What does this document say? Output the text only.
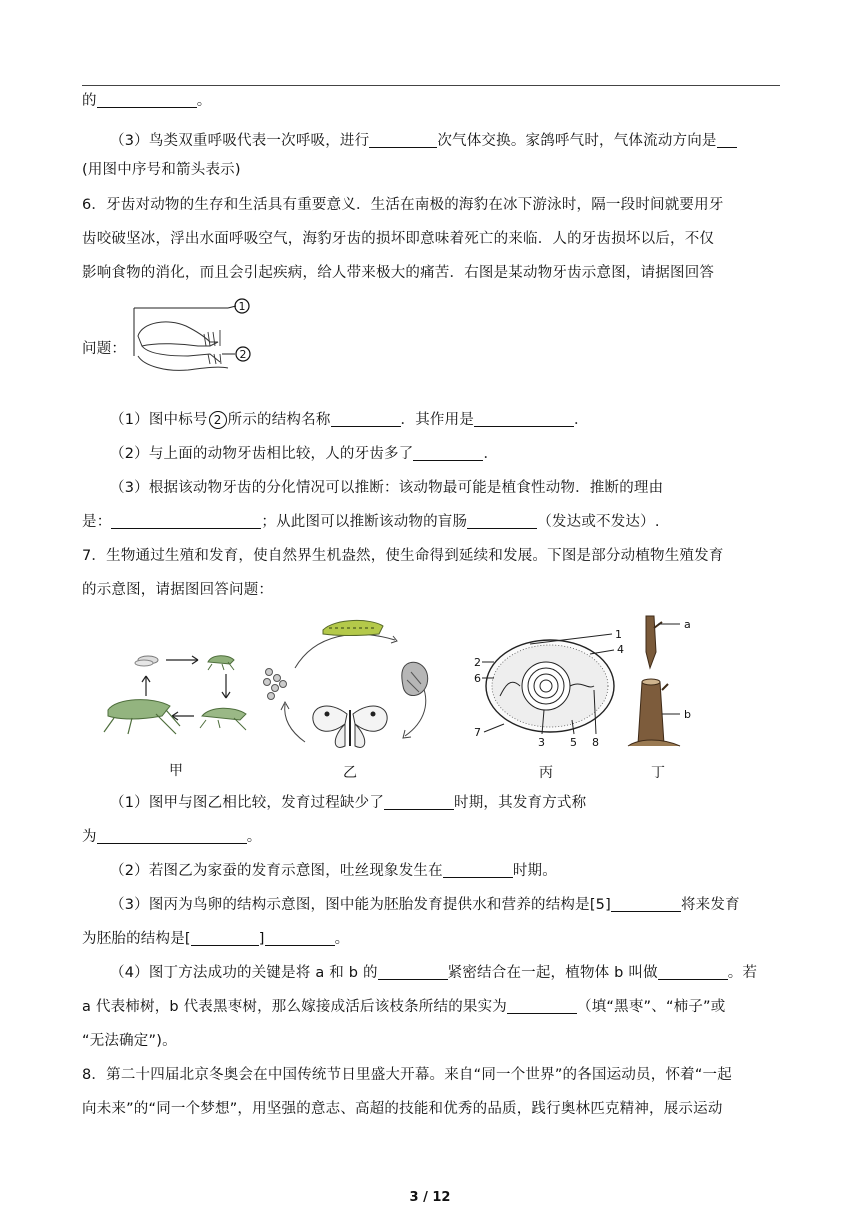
的	。
（3）鸟类双重呼吸代表一次呼吸，进行	次气体交换。家鸽呼气时，气体流动方向是
(用图中序号和箭头表示)
6．牙齿对动物的生存和生活具有重要意义．生活在南极的海豹在冰下游泳时，隔一段时间就要用牙
齿咬破坚冰，浮出水面呼吸空气，海豹牙齿的损坏即意味着死亡的来临．人的牙齿损坏以后，不仅
影响食物的消化，而且会引起疾病，给人带来极大的痛苦．右图是某动物牙齿示意图，请据图回答
问题：
1
2
（1）图中标号 2 所示的结构名称	．其作用是	．
（2）与上面的动物牙齿相比较，人的牙齿多了	．
（3）根据该动物牙齿的分化情况可以推断：该动物最可能是植食性动物．推断的理由
是：	；从此图可以推断该动物的盲肠	（发达或不发达）.
7．生物通过生殖和发育，使自然界生机盎然，使生命得到延续和发展。下图是部分动植物生殖发育
的示意图，请据图回答问题：
甲	乙
1
4
2
6
7
3 5 8
丙
a
b
丁
（1）图甲与图乙相比较，发育过程缺少了	时期，其发育方式称
为	。
（2）若图乙为家蚕的发育示意图，吐丝现象发生在	时期。
（3）图丙为鸟卵的结构示意图，图中能为胚胎发育提供水和营养的结构是[5]	将来发育
为胚胎的结构是[	]	。
（4）图丁方法成功的关键是将 a 和 b 的	紧密结合在一起，植物体 b 叫做	。若
a 代表柿树，b 代表黑枣树，那么嫁接成活后该枝条所结的果实为	（填“黑枣”、“柿子”或
“无法确定”)。
8．第二十四届北京冬奥会在中国传统节日里盛大开幕。来自“同一个世界”的各国运动员，怀着“一起
向未来”的“同一个梦想”，用坚强的意志、高超的技能和优秀的品质，践行奥林匹克精神，展示运动
3 / 12
